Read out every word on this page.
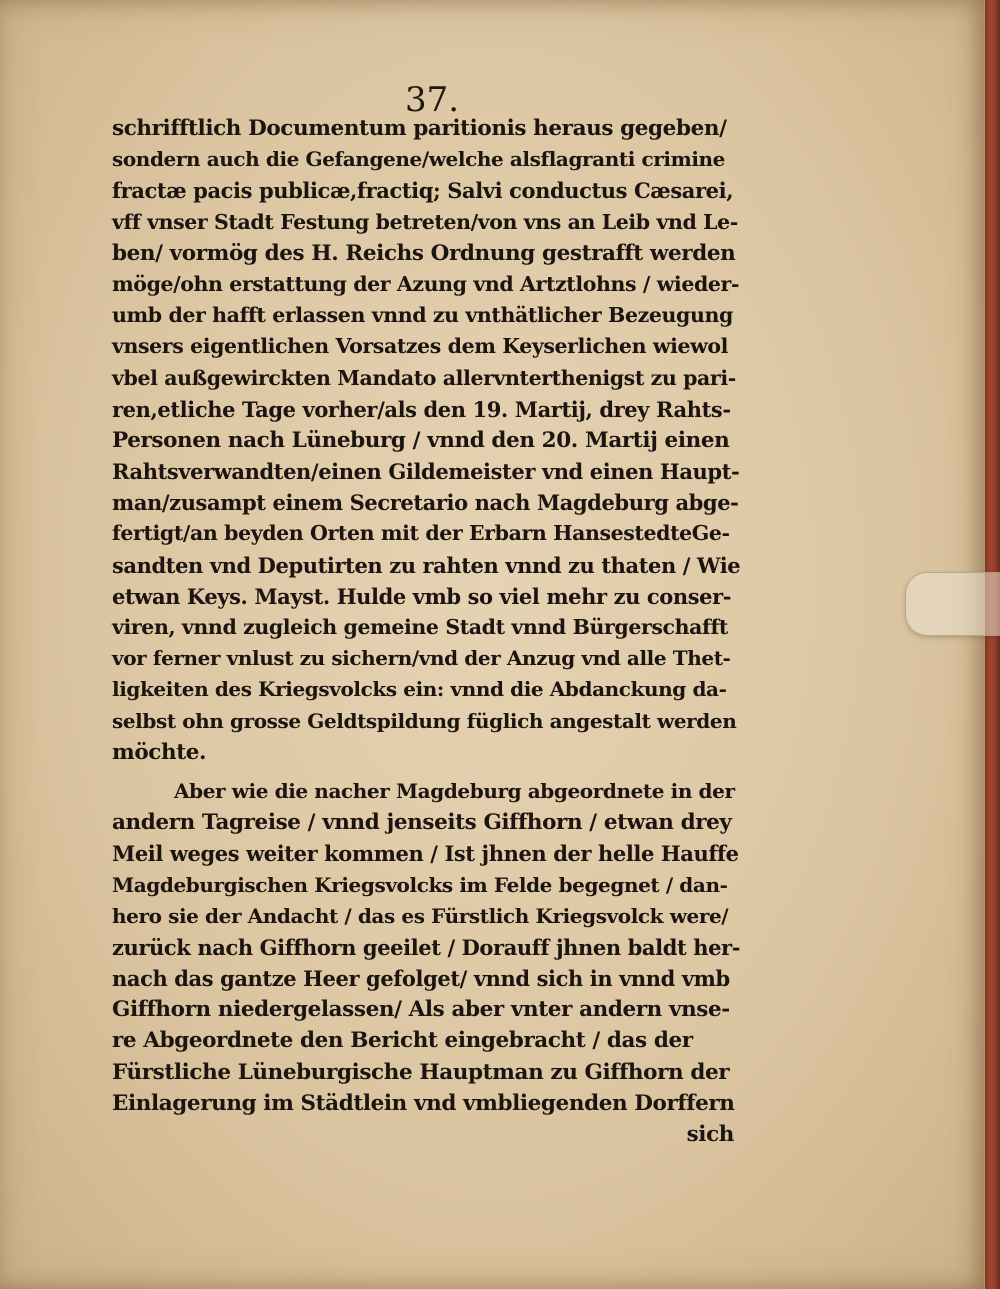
37.
schrifftlich Documentum paritionis heraus gegeben/
sondern auch die Gefangene/welche alsflagranti crimine
fractæ pacis publicæ,fractiq; Salvi conductus Cæsarei,
vff vnser Stadt Festung betreten/von vns an Leib vnd Le-
ben/ vormög des H. Reichs Ordnung gestrafft werden
möge/ohn erstattung der Azung vnd Artztlohns / wieder-
umb der hafft erlassen vnnd zu vnthätlicher Bezeugung
vnsers eigentlichen Vorsatzes dem Keyserlichen wiewol
vbel außgewirckten Mandato allervnterthenigst zu pari-
ren,etliche Tage vorher/als den 19. Martij, drey Rahts-
Personen nach Lüneburg / vnnd den 20. Martij einen
Rahtsverwandten/einen Gildemeister vnd einen Haupt-
man/zusampt einem Secretario nach Magdeburg abge-
fertigt/an beyden Orten mit der Erbarn HansestedteGe-
sandten vnd Deputirten zu rahten vnnd zu thaten / Wie
etwan Keys. Mayst. Hulde vmb so viel mehr zu conser-
viren, vnnd zugleich gemeine Stadt vnnd Bürgerschafft
vor ferner vnlust zu sichern/vnd der Anzug vnd alle Thet-
ligkeiten des Kriegsvolcks ein: vnnd die Abdanckung da-
selbst ohn grosse Geldtspildung füglich angestalt werden
möchte.
Aber wie die nacher Magdeburg abgeordnete in der
andern Tagreise / vnnd jenseits Giffhorn / etwan drey
Meil weges weiter kommen / Ist jhnen der helle Hauffe
Magdeburgischen Kriegsvolcks im Felde begegnet / dan-
hero sie der Andacht / das es Fürstlich Kriegsvolck were/
zurück nach Giffhorn geeilet / Dorauff jhnen baldt her-
nach das gantze Heer gefolget/ vnnd sich in vnnd vmb
Giffhorn niedergelassen/ Als aber vnter andern vnse-
re Abgeordnete den Bericht eingebracht / das der
Fürstliche Lüneburgische Hauptman zu Giffhorn der
Einlagerung im Städtlein vnd vmbliegenden Dorffern
sich
